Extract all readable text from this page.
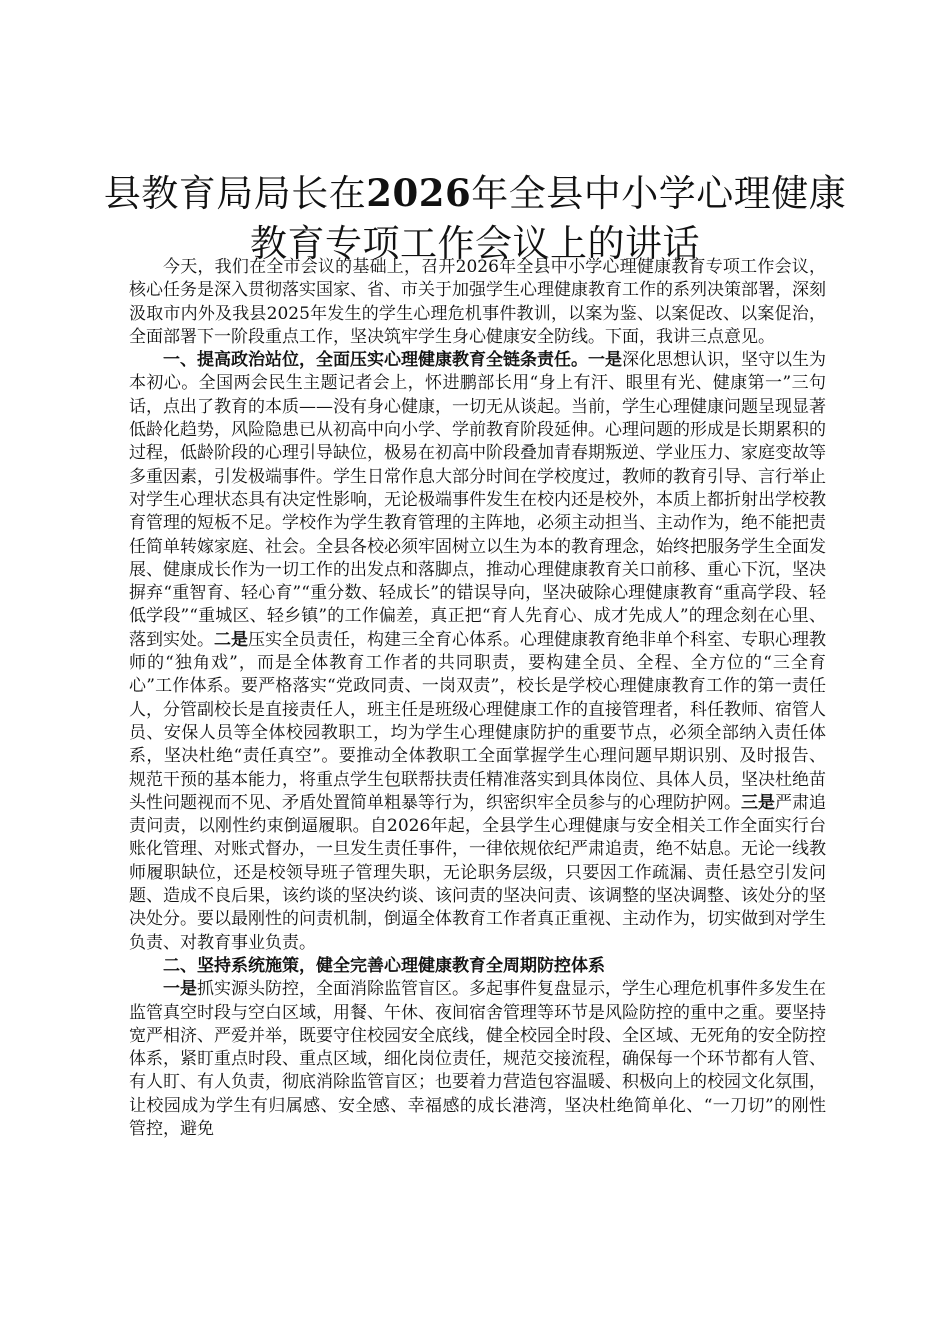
县教育局局长在2026年全县中小学心理健康
教育专项工作会议上的讲话

今天，我们在全市会议的基础上，召开2026年全县中小学心理健康教育专项工作会议，核心任务是深入贯彻落实国家、省、市关于加强学生心理健康教育工作的系列决策部署，深刻汲取市内外及我县2025年发生的学生心理危机事件教训，以案为鉴、以案促改、以案促治，全面部署下一阶段重点工作，坚决筑牢学生身心健康安全防线。下面，我讲三点意见。

一、提高政治站位，全面压实心理健康教育全链条责任。一是深化思想认识，坚守以生为本初心。全国两会民生主题记者会上，怀进鹏部长用“身上有汗、眼里有光、健康第一”三句话，点出了教育的本质——没有身心健康，一切无从谈起。当前，学生心理健康问题呈现显著低龄化趋势，风险隐患已从初高中向小学、学前教育阶段延伸。心理问题的形成是长期累积的过程，低龄阶段的心理引导缺位，极易在初高中阶段叠加青春期叛逆、学业压力、家庭变故等多重因素，引发极端事件。学生日常作息大部分时间在学校度过，教师的教育引导、言行举止对学生心理状态具有决定性影响，无论极端事件发生在校内还是校外，本质上都折射出学校教育管理的短板不足。学校作为学生教育管理的主阵地，必须主动担当、主动作为，绝不能把责任简单转嫁家庭、社会。全县各校必须牢固树立以生为本的教育理念，始终把服务学生全面发展、健康成长作为一切工作的出发点和落脚点，推动心理健康教育关口前移、重心下沉，坚决摒弃“重智育、轻心育”“重分数、轻成长”的错误导向，坚决破除心理健康教育“重高学段、轻低学段”“重城区、轻乡镇”的工作偏差，真正把“育人先育心、成才先成人”的理念刻在心里、落到实处。二是压实全员责任，构建三全育心体系。心理健康教育绝非单个科室、专职心理教师的“独角戏”，而是全体教育工作者的共同职责，要构建全员、全程、全方位的“三全育心”工作体系。要严格落实“党政同责、一岗双责”，校长是学校心理健康教育工作的第一责任人，分管副校长是直接责任人，班主任是班级心理健康工作的直接管理者，科任教师、宿管人员、安保人员等全体校园教职工，均为学生心理健康防护的重要节点，必须全部纳入责任体系，坚决杜绝“责任真空”。要推动全体教职工全面掌握学生心理问题早期识别、及时报告、规范干预的基本能力，将重点学生包联帮扶责任精准落实到具体岗位、具体人员，坚决杜绝苗头性问题视而不见、矛盾处置简单粗暴等行为，织密织牢全员参与的心理防护网。三是严肃追责问责，以刚性约束倒逼履职。自2026年起，全县学生心理健康与安全相关工作全面实行台账化管理、对账式督办，一旦发生责任事件，一律依规依纪严肃追责，绝不姑息。无论一线教师履职缺位，还是校领导班子管理失职，无论职务层级，只要因工作疏漏、责任悬空引发问题、造成不良后果，该约谈的坚决约谈、该问责的坚决问责、该调整的坚决调整、该处分的坚决处分。要以最刚性的问责机制，倒逼全体教育工作者真正重视、主动作为，切实做到对学生负责、对教育事业负责。

二、坚持系统施策，健全完善心理健康教育全周期防控体系

一是抓实源头防控，全面消除监管盲区。多起事件复盘显示，学生心理危机事件多发生在监管真空时段与空白区域，用餐、午休、夜间宿舍管理等环节是风险防控的重中之重。要坚持宽严相济、严爱并举，既要守住校园安全底线，健全校园全时段、全区域、无死角的安全防控体系，紧盯重点时段、重点区域，细化岗位责任，规范交接流程，确保每一个环节都有人管、有人盯、有人负责，彻底消除监管盲区；也要着力营造包容温暖、积极向上的校园文化氛围，让校园成为学生有归属感、安全感、幸福感的成长港湾，坚决杜绝简单化、“一刀切”的刚性管控，避免
